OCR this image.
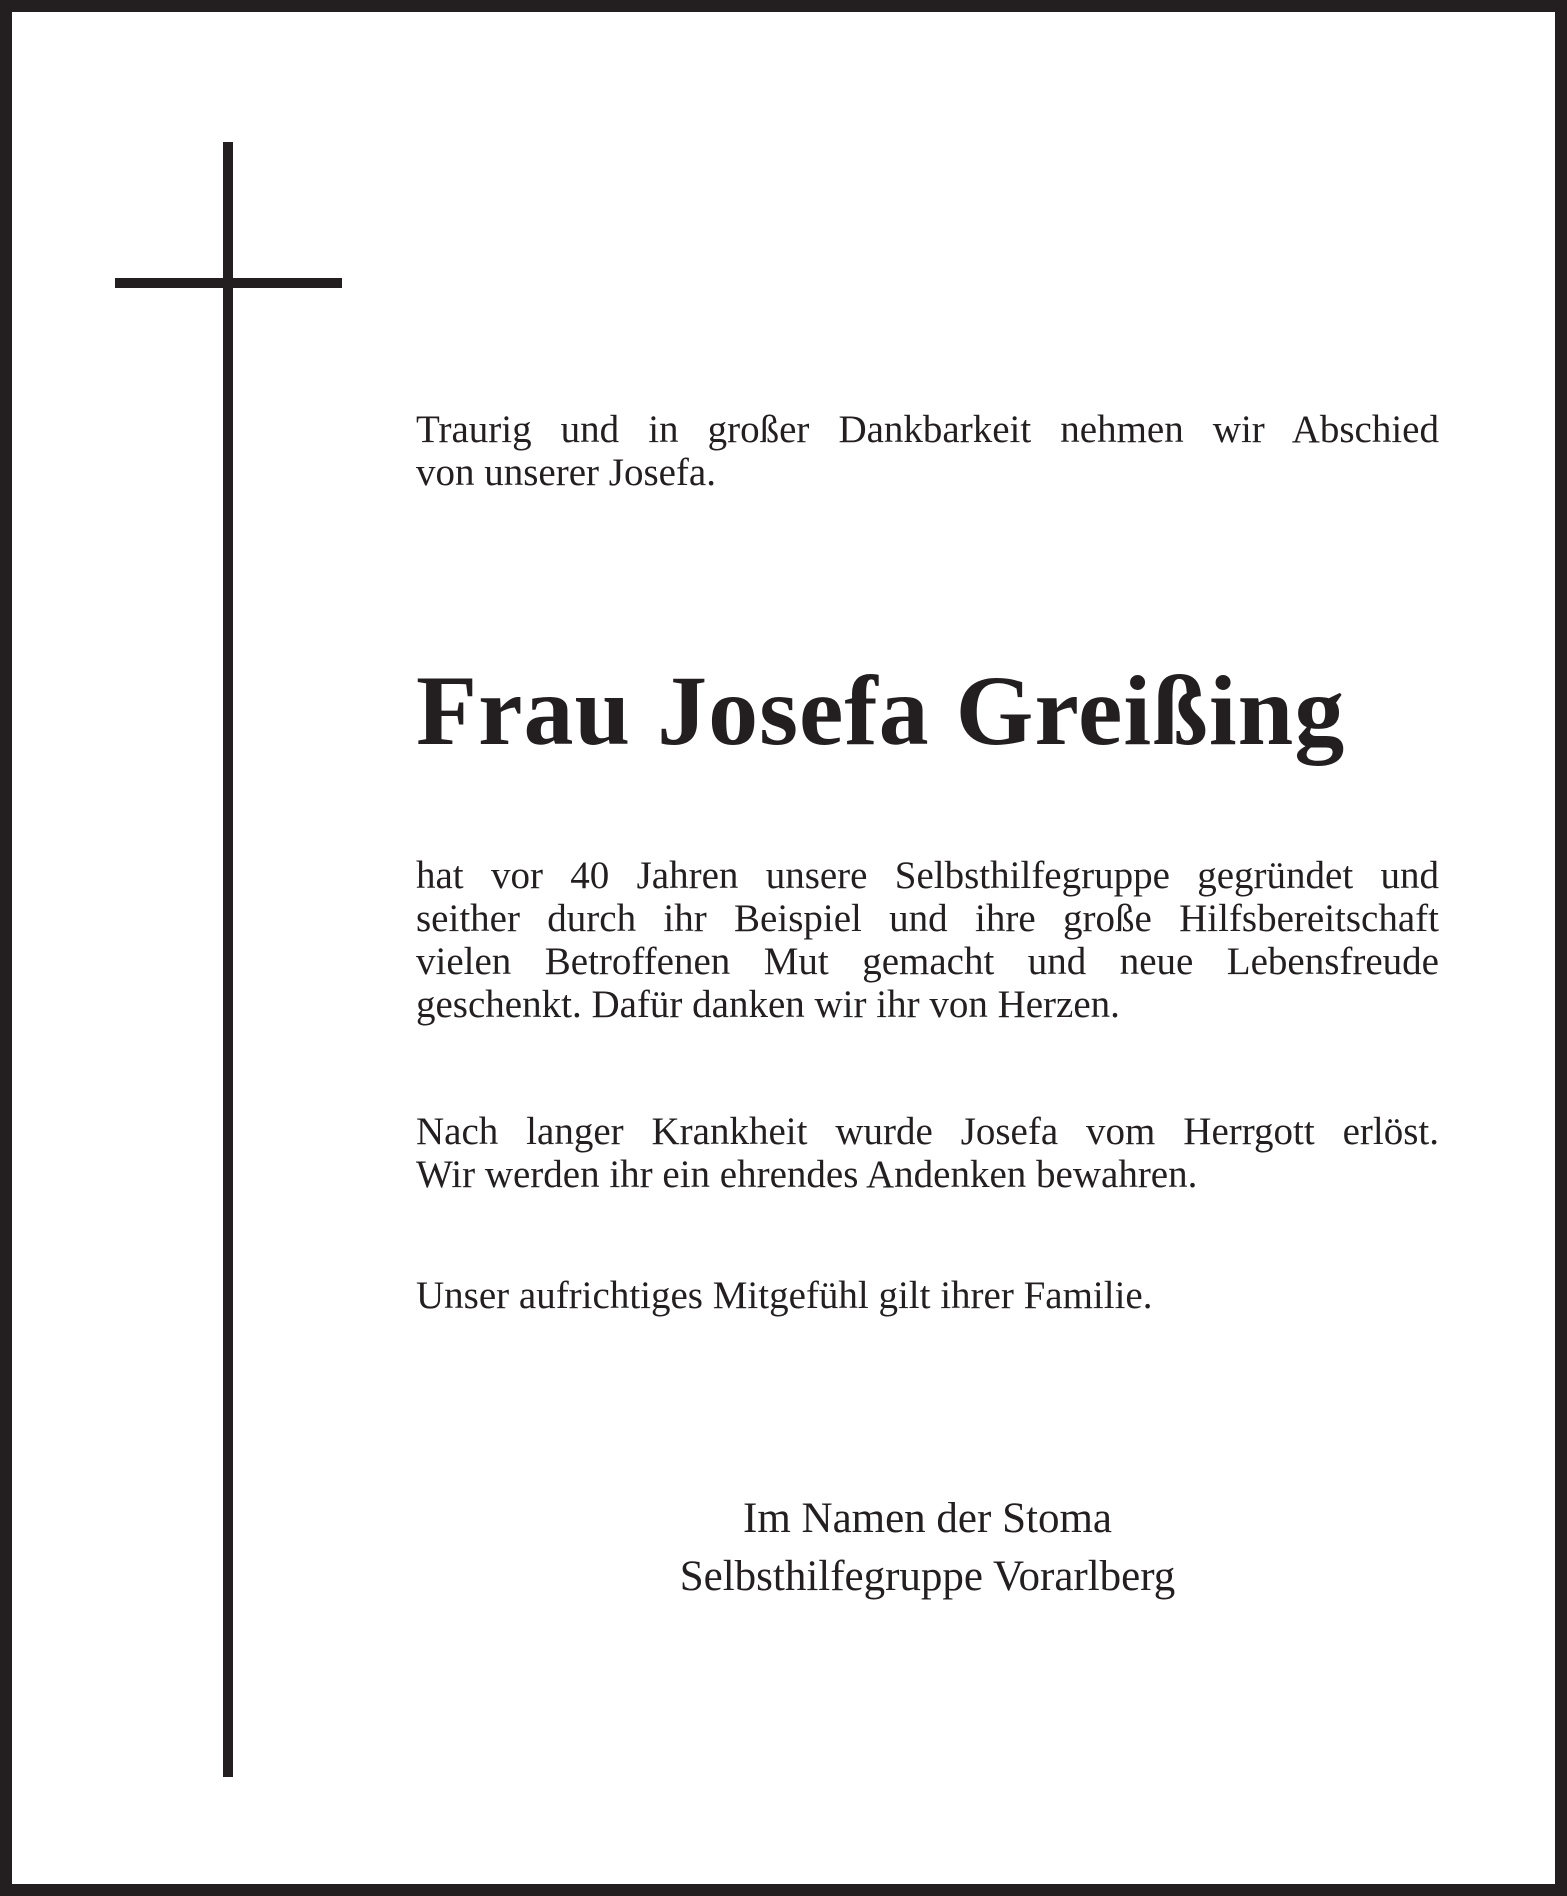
Traurig und in großer Dankbarkeit nehmen wir Abschied
von unserer Josefa.

Frau Josefa Greißing

hat vor 40 Jahren unsere Selbsthilfegruppe gegründet und
seither durch ihr Beispiel und ihre große Hilfsbereitschaft
vielen Betroffenen Mut gemacht und neue Lebensfreude
geschenkt. Dafür danken wir ihr von Herzen.

Nach langer Krankheit wurde Josefa vom Herrgott erlöst.
Wir werden ihr ein ehrendes Andenken bewahren.

Unser aufrichtiges Mitgefühl gilt ihrer Familie.

Im Namen der Stoma
Selbsthilfegruppe Vorarlberg
